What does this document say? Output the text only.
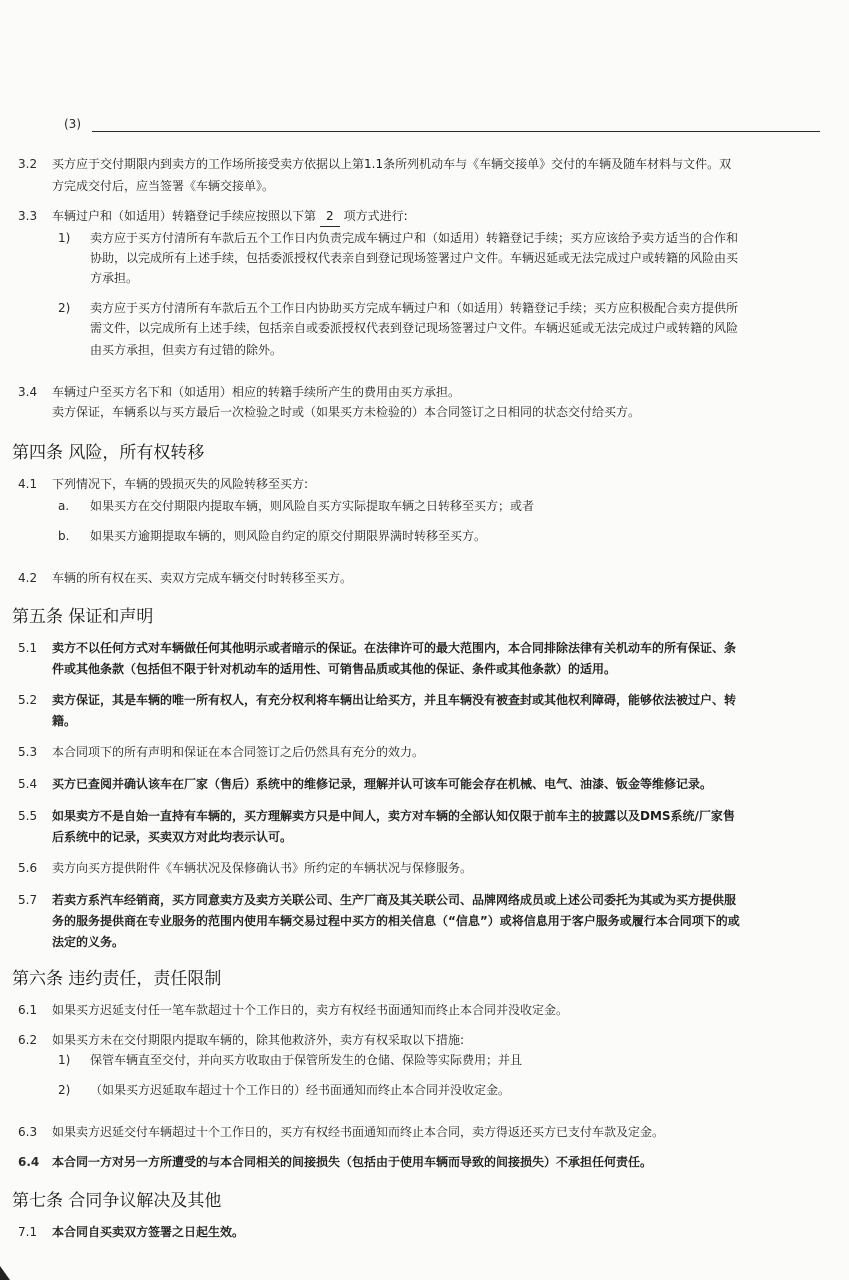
(3)
3.2 买方应于交付期限内到卖方的工作场所接受卖方依据以上第1.1条所列机动车与《车辆交接单》交付的车辆及随车材料与文件。双
方完成交付后，应当签署《车辆交接单》。
3.3 车辆过户和（如适用）转籍登记手续应按照以下第 2 项方式进行:
1) 卖方应于买方付清所有车款后五个工作日内负责完成车辆过户和（如适用）转籍登记手续；买方应该给予卖方适当的合作和
协助，以完成所有上述手续，包括委派授权代表亲自到登记现场签署过户文件。车辆迟延或无法完成过户或转籍的风险由买
方承担。
2) 卖方应于买方付清所有车款后五个工作日内协助买方完成车辆过户和（如适用）转籍登记手续；买方应积极配合卖方提供所
需文件，以完成所有上述手续，包括亲自或委派授权代表到登记现场签署过户文件。车辆迟延或无法完成过户或转籍的风险
由买方承担，但卖方有过错的除外。
3.4 车辆过户至买方名下和（如适用）相应的转籍手续所产生的费用由买方承担。
卖方保证，车辆系以与买方最后一次检验之时或（如果买方未检验的）本合同签订之日相同的状态交付给买方。
第四条 风险，所有权转移
4.1 下列情况下，车辆的毁损灭失的风险转移至买方:
a. 如果买方在交付期限内提取车辆，则风险自买方实际提取车辆之日转移至买方；或者
b. 如果买方逾期提取车辆的，则风险自约定的原交付期限界满时转移至买方。
4.2 车辆的所有权在买、卖双方完成车辆交付时转移至买方。
第五条 保证和声明
5.1 卖方不以任何方式对车辆做任何其他明示或者暗示的保证。在法律许可的最大范围内，本合同排除法律有关机动车的所有保证、条
件或其他条款（包括但不限于针对机动车的适用性、可销售品质或其他的保证、条件或其他条款）的适用。
5.2 卖方保证，其是车辆的唯一所有权人，有充分权利将车辆出让给买方，并且车辆没有被查封或其他权利障碍，能够依法被过户、转
籍。
5.3 本合同项下的所有声明和保证在本合同签订之后仍然具有充分的效力。
5.4 买方已查阅并确认该车在厂家（售后）系统中的维修记录，理解并认可该车可能会存在机械、电气、油漆、钣金等维修记录。
5.5 如果卖方不是自始一直持有车辆的，买方理解卖方只是中间人，卖方对车辆的全部认知仅限于前车主的披露以及DMS系统/厂家售
后系统中的记录，买卖双方对此均表示认可。
5.6 卖方向买方提供附件《车辆状况及保修确认书》所约定的车辆状况与保修服务。
5.7 若卖方系汽车经销商，买方同意卖方及卖方关联公司、生产厂商及其关联公司、品牌网络成员或上述公司委托为其或为买方提供服
务的服务提供商在专业服务的范围内使用车辆交易过程中买方的相关信息（“信息”）或将信息用于客户服务或履行本合同项下的或
法定的义务。
第六条 违约责任，责任限制
6.1 如果买方迟延支付任一笔车款超过十个工作日的，卖方有权经书面通知而终止本合同并没收定金。
6.2 如果买方未在交付期限内提取车辆的，除其他救济外，卖方有权采取以下措施:
1) 保管车辆直至交付，并向买方收取由于保管所发生的仓储、保险等实际费用；并且
2) （如果买方迟延取车超过十个工作日的）经书面通知而终止本合同并没收定金。
6.3 如果卖方迟延交付车辆超过十个工作日的，买方有权经书面通知而终止本合同，卖方得返还买方已支付车款及定金。
6.4 本合同一方对另一方所遭受的与本合同相关的间接损失（包括由于使用车辆而导致的间接损失）不承担任何责任。
第七条 合同争议解决及其他
7.1 本合同自买卖双方签署之日起生效。
